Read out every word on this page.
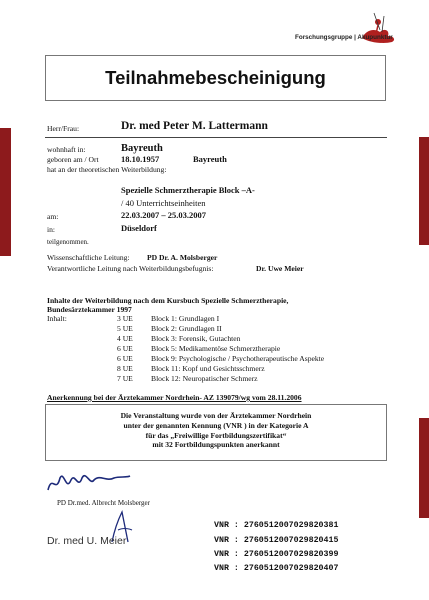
Forschungsgruppe | Akupunktur
Teilnahmebescheinigung
Herr/Frau:	Dr. med Peter M. Lattermann
wohnhaft in:	Bayreuth
geboren am / Ort	18.10.1957	Bayreuth
hat an der theoretischen Weiterbildung:
Spezielle Schmerztherapie Block –A-
/ 40 Unterrichtseinheiten
am:	22.03.2007 – 25.03.2007
in:	Düseldorf
teilgenommen.
Wissenschaftliche Leitung: PD Dr. A. Molsberger
Verantwortliche Leitung nach Weiterbildungsbefugnis:	Dr. Uwe Meier
Inhalte der Weiterbildung nach dem Kursbuch Spezielle Schmerztherapie,
Bundesärztekammer 1997
Inhalt:	3 UE Block 1: Grundlagen I
5 UE Block 2: Grundlagen II
4 UE Block 3: Forensik, Gutachten
6 UE Block 5: Medikamentöse Schmerztherapie
6 UE Block 9: Psychologische / Psychotherapeutische Aspekte
8 UE Block 11: Kopf und Gesichtsschmerz
7 UE Block 12: Neuropatischer Schmerz
Anerkennung bei der Ärztekammer Nordrhein- AZ 139079/wg vom 28.11.2006
Die Veranstaltung wurde von der Ärztekammer Nordrhein
unter der genannten Kennung (VNR ) in der Kategorie A
für das „Freiwillige Fortbildungszertifikat“
mit 32 Fortbildungspunkten anerkannt
PD Dr.med. Albrecht Molsberger
Dr. med U. Meier
VNR : 2760512007029820381
VNR : 2760512007029820415
VNR : 2760512007029820399
VNR : 2760512007029820407
